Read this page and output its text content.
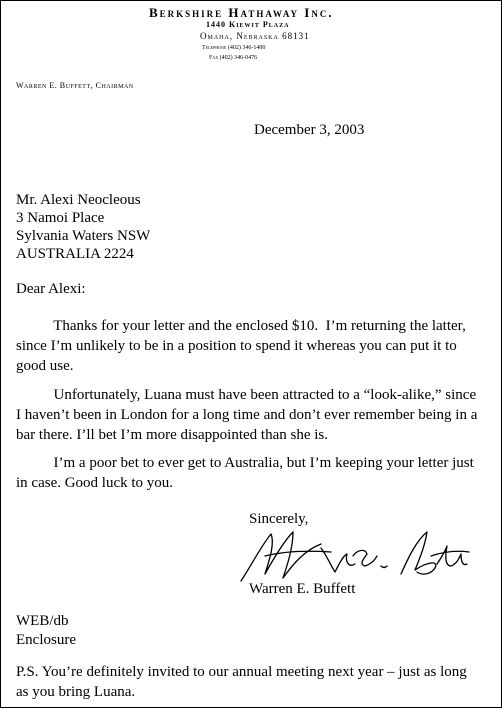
Berkshire Hathaway Inc.
1440 Kiewit Plaza
Omaha, Nebraska 68131
Telephone (402) 346-1400
Fax (402) 346-0476
Warren E. Buffett, Chairman
December 3, 2003
Mr. Alexi Neocleous
3 Namoi Place
Sylvania Waters NSW
AUSTRALIA 2224
Dear Alexi:
Thanks for your letter and the enclosed $10.  I’m returning the latter,
since I’m unlikely to be in a position to spend it whereas you can put it to
good use.
Unfortunately, Luana must have been attracted to a “look-alike,” since
I haven’t been in London for a long time and don’t ever remember being in a
bar there. I’ll bet I’m more disappointed than she is.
I’m a poor bet to ever get to Australia, but I’m keeping your letter just
in case. Good luck to you.
Sincerely,
Warren E. Buffett
WEB/db
Enclosure
P.S. You’re definitely invited to our annual meeting next year – just as long
as you bring Luana.
